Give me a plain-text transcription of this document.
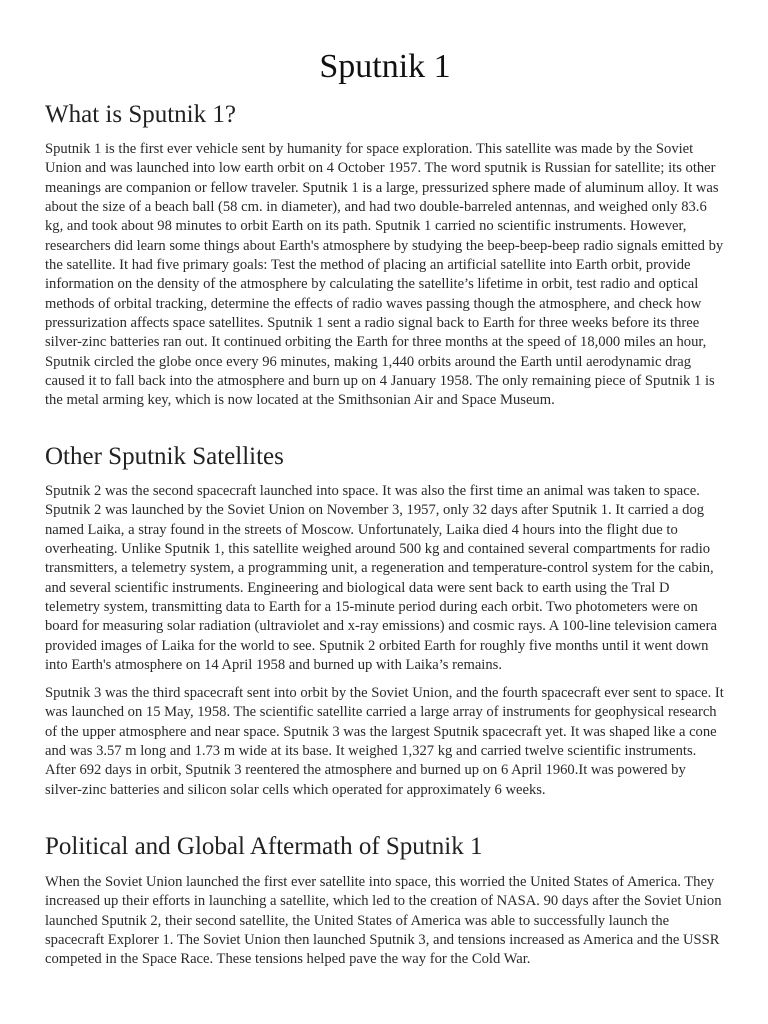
Sputnik 1
What is Sputnik 1?

Sputnik 1 is the first ever vehicle sent by humanity for space exploration. This satellite was made by the Soviet Union and was launched into low earth orbit on 4 October 1957. The word sputnik is Russian for satellite; its other meanings are companion or fellow traveler. Sputnik 1 is a large, pressurized sphere made of aluminum alloy. It was about the size of a beach ball (58 cm. in diameter), and had two double-barreled antennas, and weighed only 83.6 kg, and took about 98 minutes to orbit Earth on its path. Sputnik 1 carried no scientific instruments. However, researchers did learn some things about Earth's atmosphere by studying the beep-beep-beep radio signals emitted by the satellite. It had five primary goals: Test the method of placing an artificial satellite into Earth orbit, provide information on the density of the atmosphere by calculating the satellite’s lifetime in orbit, test radio and optical methods of orbital tracking, determine the effects of radio waves passing though the atmosphere, and check how pressurization affects space satellites. Sputnik 1 sent a radio signal back to Earth for three weeks before its three silver-zinc batteries ran out. It continued orbiting the Earth for three months at the speed of 18,000 miles an hour, Sputnik circled the globe once every 96 minutes, making 1,440 orbits around the Earth until aerodynamic drag caused it to fall back into the atmosphere and burn up on 4 January 1958. The only remaining piece of Sputnik 1 is the metal arming key, which is now located at the Smithsonian Air and Space Museum.

Other Sputnik Satellites

Sputnik 2 was the second spacecraft launched into space. It was also the first time an animal was taken to space. Sputnik 2 was launched by the Soviet Union on November 3, 1957, only 32 days after Sputnik 1. It carried a dog named Laika, a stray found in the streets of Moscow. Unfortunately, Laika died 4 hours into the flight due to overheating. Unlike Sputnik 1, this satellite weighed around 500 kg and contained several compartments for radio transmitters, a telemetry system, a programming unit, a regeneration and temperature-control system for the cabin, and several scientific instruments. Engineering and biological data were sent back to earth using the Tral D telemetry system, transmitting data to Earth for a 15-minute period during each orbit. Two photometers were on board for measuring solar radiation (ultraviolet and x-ray emissions) and cosmic rays. A 100-line television camera provided images of Laika for the world to see. Sputnik 2 orbited Earth for roughly five months until it went down into Earth's atmosphere on 14 April 1958 and burned up with Laika’s remains.

Sputnik 3 was the third spacecraft sent into orbit by the Soviet Union, and the fourth spacecraft ever sent to space. It was launched on 15 May, 1958. The scientific satellite carried a large array of instruments for geophysical research of the upper atmosphere and near space. Sputnik 3 was the largest Sputnik spacecraft yet. It was shaped like a cone and was 3.57 m long and 1.73 m wide at its base. It weighed 1,327 kg and carried twelve scientific instruments. After 692 days in orbit, Sputnik 3 reentered the atmosphere and burned up on 6 April 1960.It was powered by silver-zinc batteries and silicon solar cells which operated for approximately 6 weeks.

Political and Global Aftermath of Sputnik 1

When the Soviet Union launched the first ever satellite into space, this worried the United States of America. They increased up their efforts in launching a satellite, which led to the creation of NASA. 90 days after the Soviet Union launched Sputnik 2, their second satellite, the United States of America was able to successfully launch the spacecraft Explorer 1. The Soviet Union then launched Sputnik 3, and tensions increased as America and the USSR competed in the Space Race. These tensions helped pave the way for the Cold War.
